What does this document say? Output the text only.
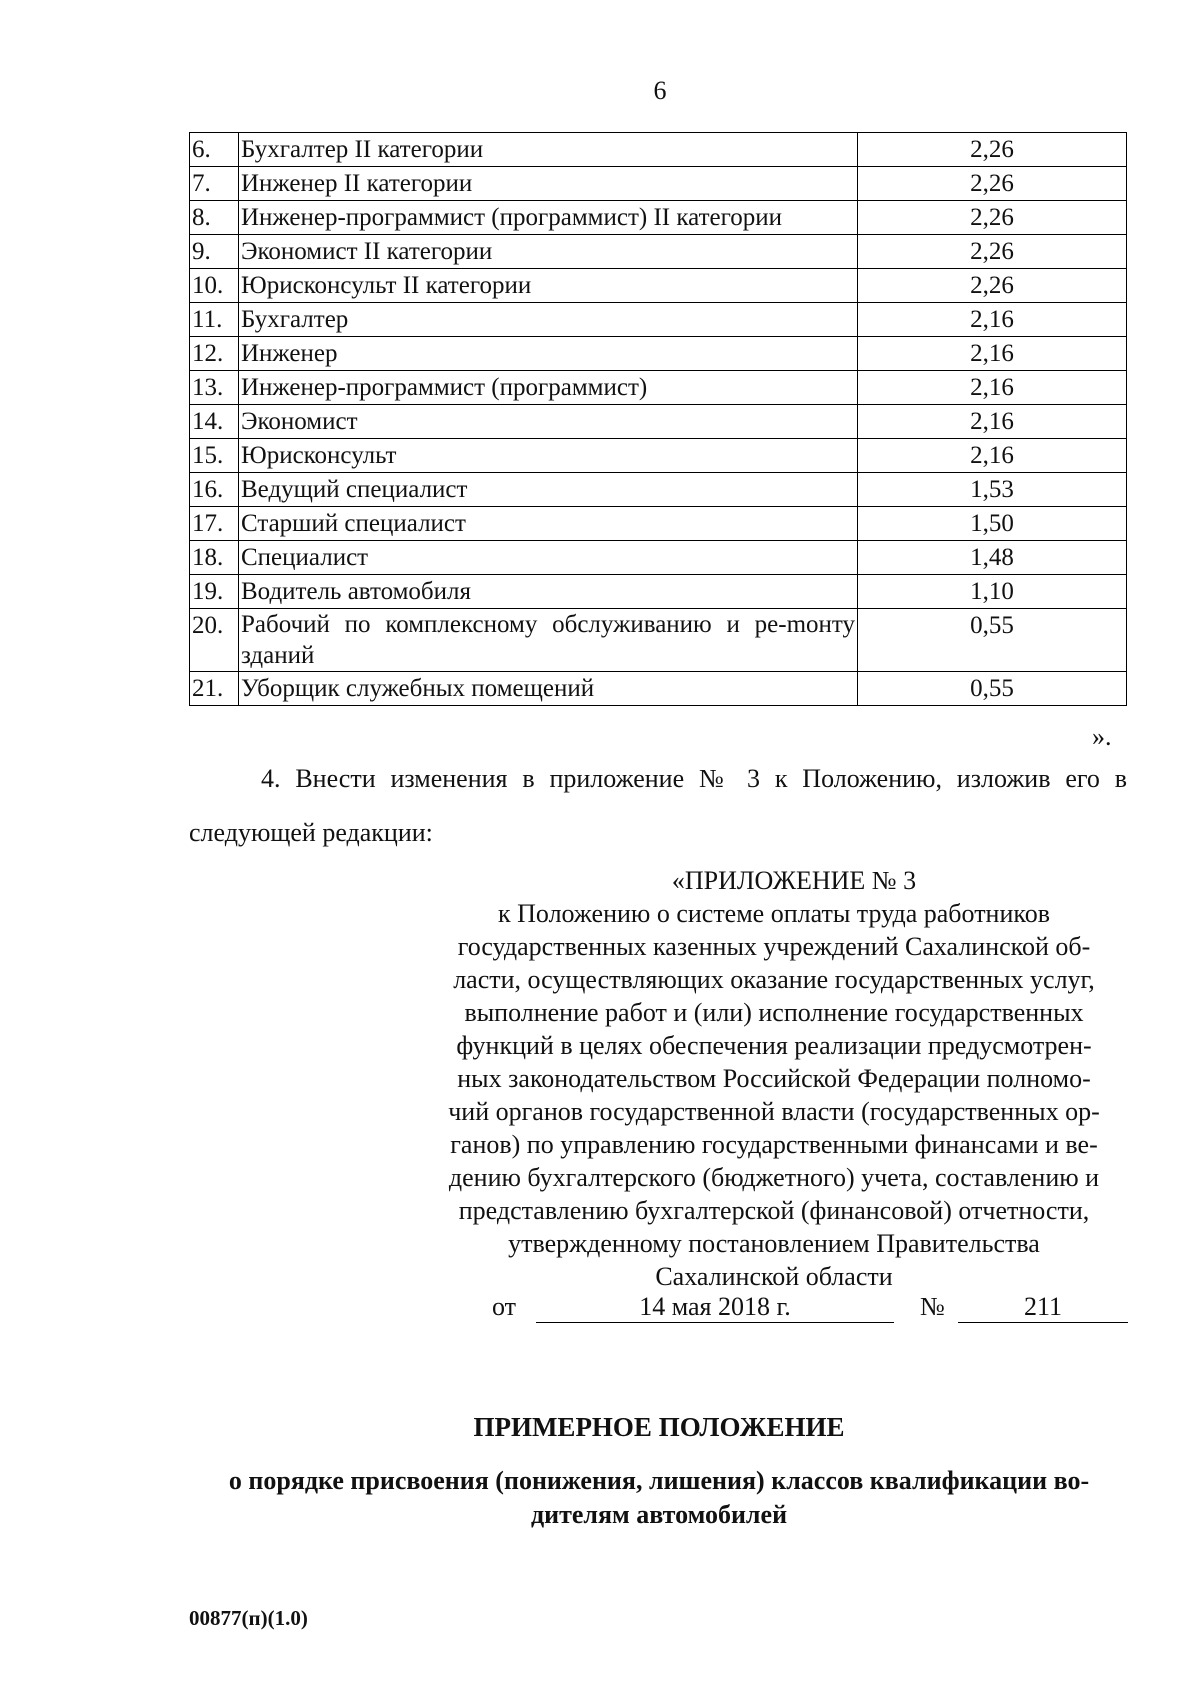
6
6.	Бухгалтер II категории	2,26
7.	Инженер II категории	2,26
8.	Инженер-программист (программист) II категории	2,26
9.	Экономист II категории	2,26
10.	Юрисконсульт II категории	2,26
11.	Бухгалтер	2,16
12.	Инженер	2,16
13.	Инженер-программист (программист)	2,16
14.	Экономист	2,16
15.	Юрисконсульт	2,16
16.	Ведущий специалист	1,53
17.	Старший специалист	1,50
18.	Специалист	1,48
19.	Водитель автомобиля	1,10
20.	Рабочий по комплексному обслуживанию и ре-mонту зданий	0,55
21.	Уборщик служебных помещений	0,55
».
4. Внести изменения в приложение № 3 к Положению, изложив его в
следующей редакции:
«ПРИЛОЖЕНИЕ № 3
к Положению о системе оплаты труда работников
государственных казенных учреждений Сахалинской об-
ласти, осуществляющих оказание государственных услуг,
выполнение работ и (или) исполнение государственных
функций в целях обеспечения реализации предусмотрен-
ных законодательством Российской Федерации полномо-
чий органов государственной власти (государственных ор-
ганов) по управлению государственными финансами и ве-
дению бухгалтерского (бюджетного) учета, составлению и
представлению бухгалтерской (финансовой) отчетности,
утвержденному постановлением Правительства
Сахалинской области
от	14 мая 2018 г.	№	211
ПРИМЕРНОЕ ПОЛОЖЕНИЕ
о порядке присвоения (понижения, лишения) классов квалификации во-
дителям автомобилей
00877(п)(1.0)
